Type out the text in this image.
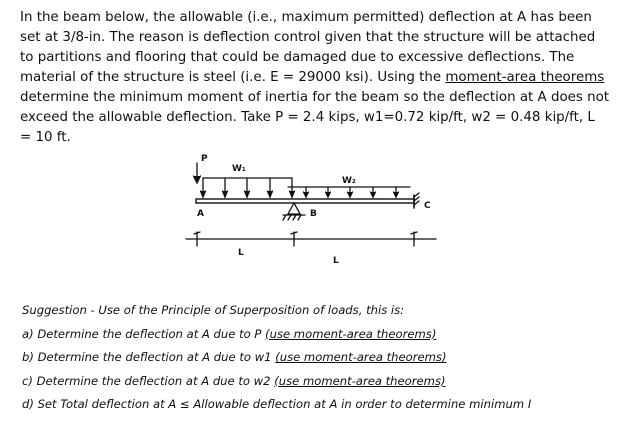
In the beam below, the allowable (i.e., maximum permitted) deflection at A has been set at 3/8-in. The reason is deflection control given that the structure will be attached to partitions and flooring that could be damaged due to excessive deflections. The material of the structure is steel (i.e. E = 29000 ksi). Using the moment-area theorems determine the minimum moment of inertia for the beam so the deflection at A does not exceed the allowable deflection. Take P = 2.4 kips, w1=0.72 kip/ft, w2 = 0.48 kip/ft, L = 10 ft.

P
W₁
W₂
A	B
C
L
L

Suggestion - Use of the Principle of Superposition of loads, this is:

a) Determine the deflection at A due to P (use moment-area theorems)

b) Determine the deflection at A due to w1 (use moment-area theorems)

c) Determine the deflection at A due to w2 (use moment-area theorems)

d) Set Total deflection at A ≤ Allowable deflection at A in order to determine minimum I
